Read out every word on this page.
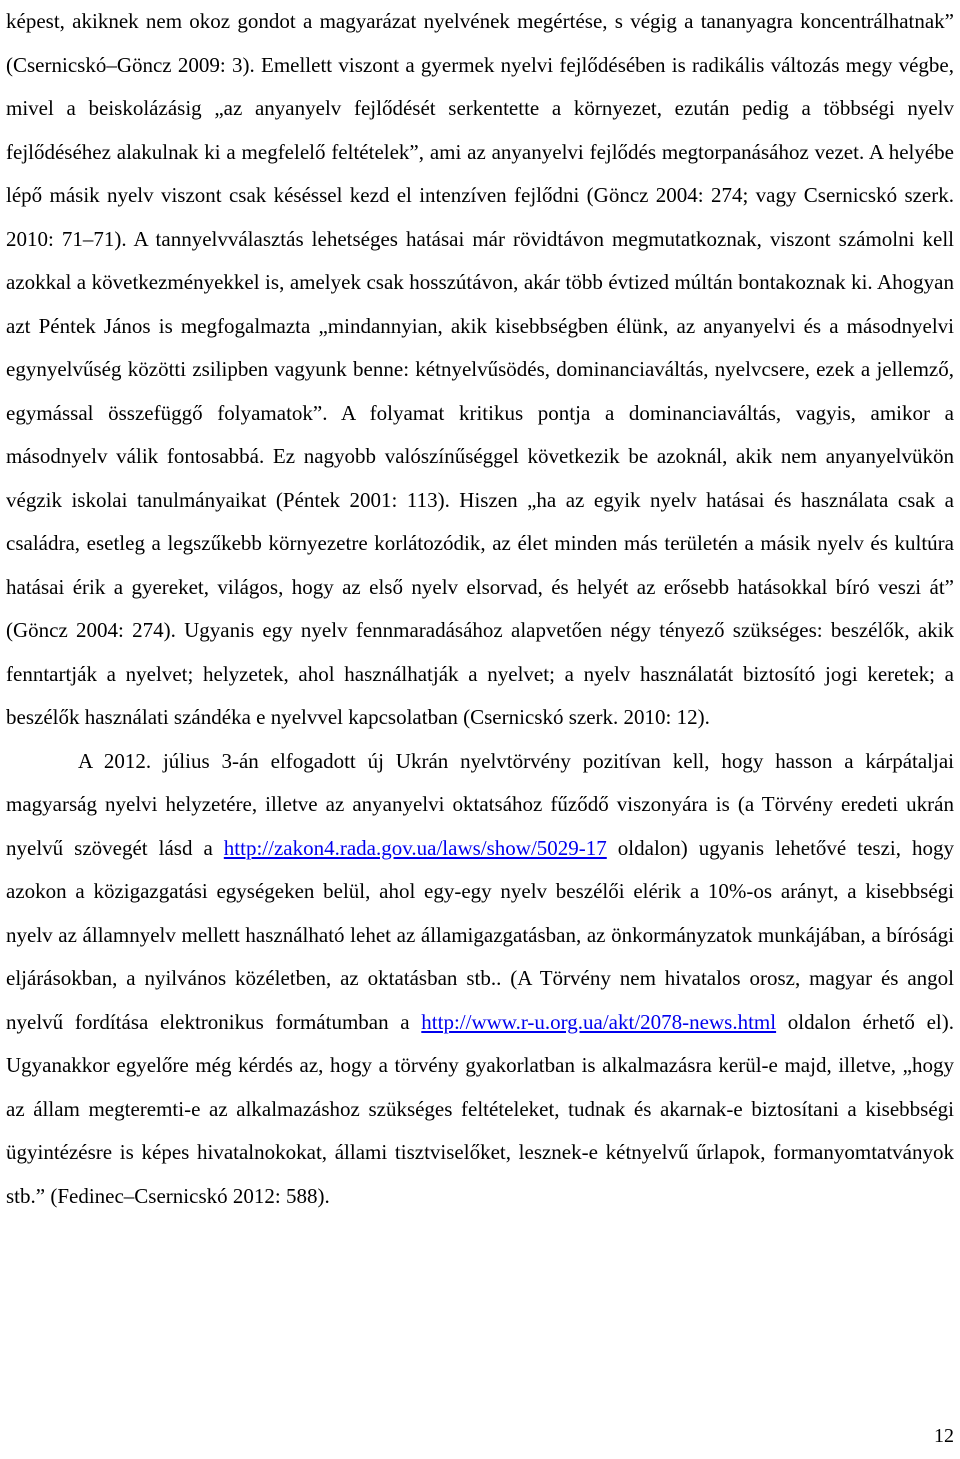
képest, akiknek nem okoz gondot a magyarázat nyelvének megértése, s végig a tananyagra koncentrálhatnak” (Csernicskó–Göncz 2009: 3). Emellett viszont a gyermek nyelvi fejlődésében is radikális változás megy végbe, mivel a beiskolázásig „az anyanyelv fejlődését serkentette a környezet, ezután pedig a többségi nyelv fejlődéséhez alakulnak ki a megfelelő feltételek”, ami az anyanyelvi fejlődés megtorpanásához vezet. A helyébe lépő másik nyelv viszont csak késéssel kezd el intenzíven fejlődni (Göncz 2004: 274; vagy Csernicskó szerk. 2010: 71–71). A tannyelvválasztás lehetséges hatásai már rövidtávon megmutatkoznak, viszont számolni kell azokkal a következményekkel is, amelyek csak hosszútávon, akár több évtized múltán bontakoznak ki. Ahogyan azt Péntek János is megfogalmazta „mindannyian, akik kisebbségben élünk, az anyanyelvi és a másodnyelvi egynyelvűség közötti zsilipben vagyunk benne: kétnyelvűsödés, dominanciaváltás, nyelvcsere, ezek a jellemző, egymással összefüggő folyamatok”. A folyamat kritikus pontja a dominanciaváltás, vagyis, amikor a másodnyelv válik fontosabbá. Ez nagyobb valószínűséggel következik be azoknál, akik nem anyanyelvükön végzik iskolai tanulmányaikat (Péntek 2001: 113). Hiszen „ha az egyik nyelv hatásai és használata csak a családra, esetleg a legszűkebb környezetre korlátozódik, az élet minden más területén a másik nyelv és kultúra hatásai érik a gyereket, világos, hogy az első nyelv elsorvad, és helyét az erősebb hatásokkal bíró veszi át” (Göncz 2004: 274). Ugyanis egy nyelv fennmaradásához alapvetően négy tényező szükséges: beszélők, akik fenntartják a nyelvet; helyzetek, ahol használhatják a nyelvet; a nyelv használatát biztosító jogi keretek; a beszélők használati szándéka e nyelvvel kapcsolatban (Csernicskó szerk. 2010: 12).

A 2012. július 3-án elfogadott új Ukrán nyelvtörvény pozitívan kell, hogy hasson a kárpátaljai magyarság nyelvi helyzetére, illetve az anyanyelvi oktatsához fűződő viszonyára is (a Törvény eredeti ukrán nyelvű szövegét lásd a http://zakon4.rada.gov.ua/laws/show/5029-17 oldalon) ugyanis lehetővé teszi, hogy azokon a közigazgatási egységeken belül, ahol egy-egy nyelv beszélői elérik a 10%-os arányt, a kisebbségi nyelv az államnyelv mellett használható lehet az államigazgatásban, az önkormányzatok munkájában, a bírósági eljárásokban, a nyilvános közéletben, az oktatásban stb.. (A Törvény nem hivatalos orosz, magyar és angol nyelvű fordítása elektronikus formátumban a http://www.r-u.org.ua/akt/2078-news.html oldalon érhető el). Ugyanakkor egyelőre még kérdés az, hogy a törvény gyakorlatban is alkalmazásra kerül-e majd, illetve, „hogy az állam megteremti-e az alkalmazáshoz szükséges feltételeket, tudnak és akarnak-e biztosítani a kisebbségi ügyintézésre is képes hivatalnokokat, állami tisztviselőket, lesznek-e kétnyelvű űrlapok, formanyomtatványok stb.” (Fedinec–Csernicskó 2012: 588).

12
